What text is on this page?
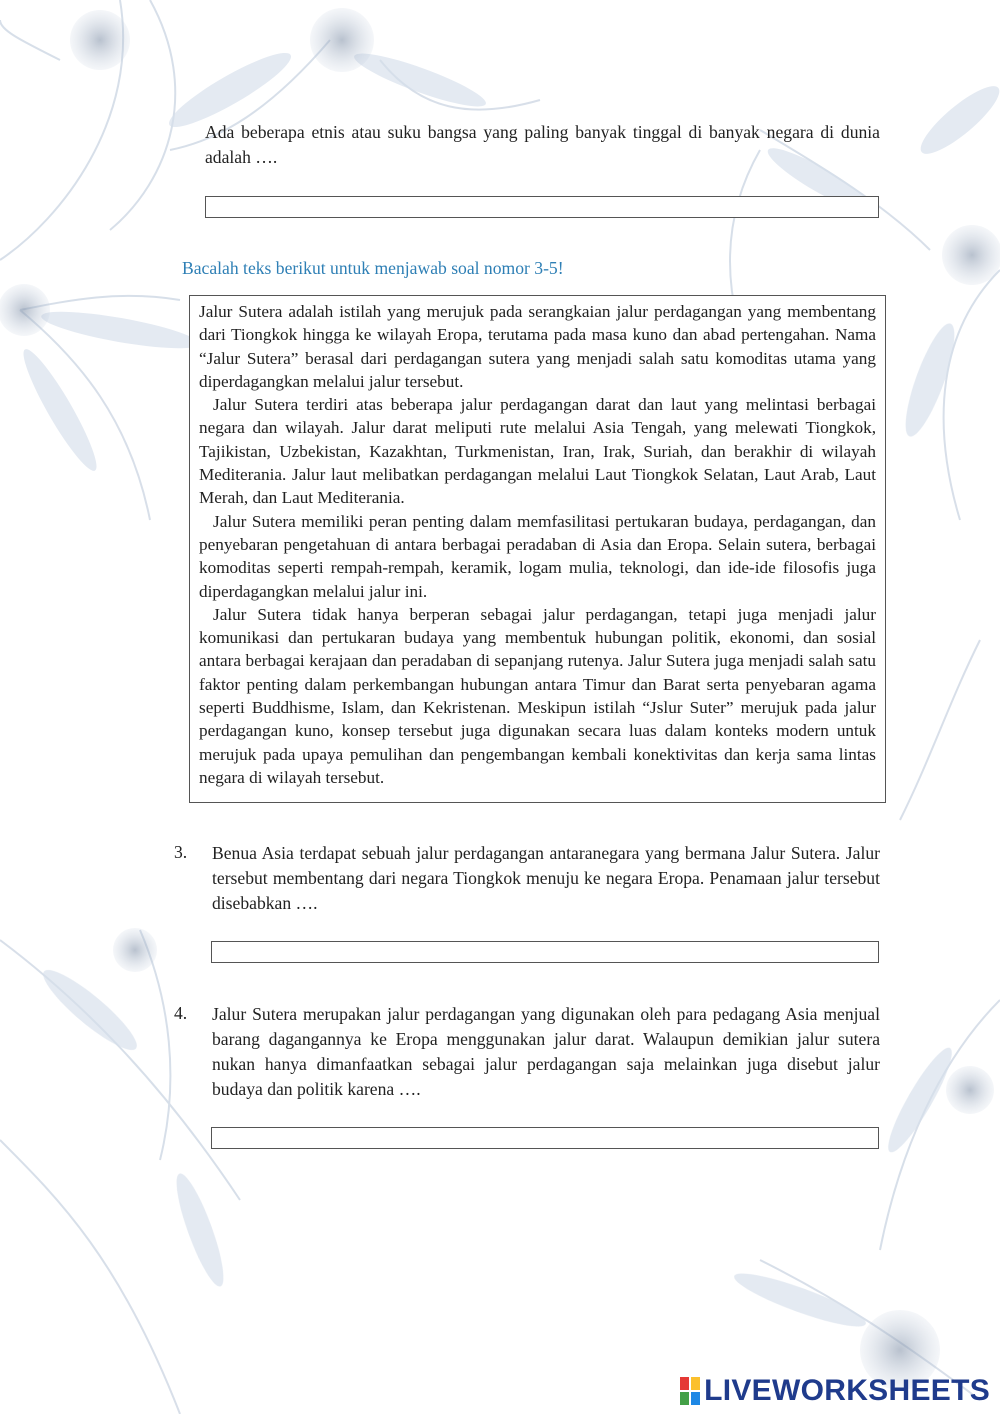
Ada beberapa etnis atau suku bangsa yang paling banyak tinggal di banyak negara di dunia adalah ….
Bacalah teks berikut untuk menjawab soal nomor 3-5!

Jalur Sutera adalah istilah yang merujuk pada serangkaian jalur perdagangan yang membentang dari Tiongkok hingga ke wilayah Eropa, terutama pada masa kuno dan abad pertengahan. Nama “Jalur Sutera” berasal dari perdagangan sutera yang menjadi salah satu komoditas utama yang diperdagangkan melalui jalur tersebut.

Jalur Sutera terdiri atas beberapa jalur perdagangan darat dan laut yang melintasi berbagai negara dan wilayah. Jalur darat meliputi rute melalui Asia Tengah, yang melewati Tiongkok, Tajikistan, Uzbekistan, Kazakhtan, Turkmenistan, Iran, Irak, Suriah, dan berakhir di wilayah Mediterania. Jalur laut melibatkan perdagangan melalui Laut Tiongkok Selatan, Laut Arab, Laut Merah, dan Laut Mediterania.

Jalur Sutera memiliki peran penting dalam memfasilitasi pertukaran budaya, perdagangan, dan penyebaran pengetahuan di antara berbagai peradaban di Asia dan Eropa. Selain sutera, berbagai komoditas seperti rempah-rempah, keramik, logam mulia, teknologi, dan ide-ide filosofis juga diperdagangkan melalui jalur ini.

Jalur Sutera tidak hanya berperan sebagai jalur perdagangan, tetapi juga menjadi jalur komunikasi dan pertukaran budaya yang membentuk hubungan politik, ekonomi, dan sosial antara berbagai kerajaan dan peradaban di sepanjang rutenya. Jalur Sutera juga menjadi salah satu faktor penting dalam perkembangan hubungan antara Timur dan Barat serta penyebaran agama seperti Buddhisme, Islam, dan Kekristenan. Meskipun istilah “Jslur Suter” merujuk pada jalur perdagangan kuno, konsep tersebut juga digunakan secara luas dalam konteks modern untuk merujuk pada upaya pemulihan dan pengembangan kembali konektivitas dan kerja sama lintas negara di wilayah tersebut.

3. Benua Asia terdapat sebuah jalur perdagangan antaranegara yang bermana Jalur Sutera. Jalur tersebut membentang dari negara Tiongkok menuju ke negara Eropa. Penamaan jalur tersebut disebabkan ….
4. Jalur Sutera merupakan jalur perdagangan yang digunakan oleh para pedagang Asia menjual barang dagangannya ke Eropa menggunakan jalur darat. Walaupun demikian jalur sutera nukan hanya dimanfaatkan sebagai jalur perdagangan saja melainkan juga disebut jalur budaya dan politik karena ….
LIVEWORKSHEETS
